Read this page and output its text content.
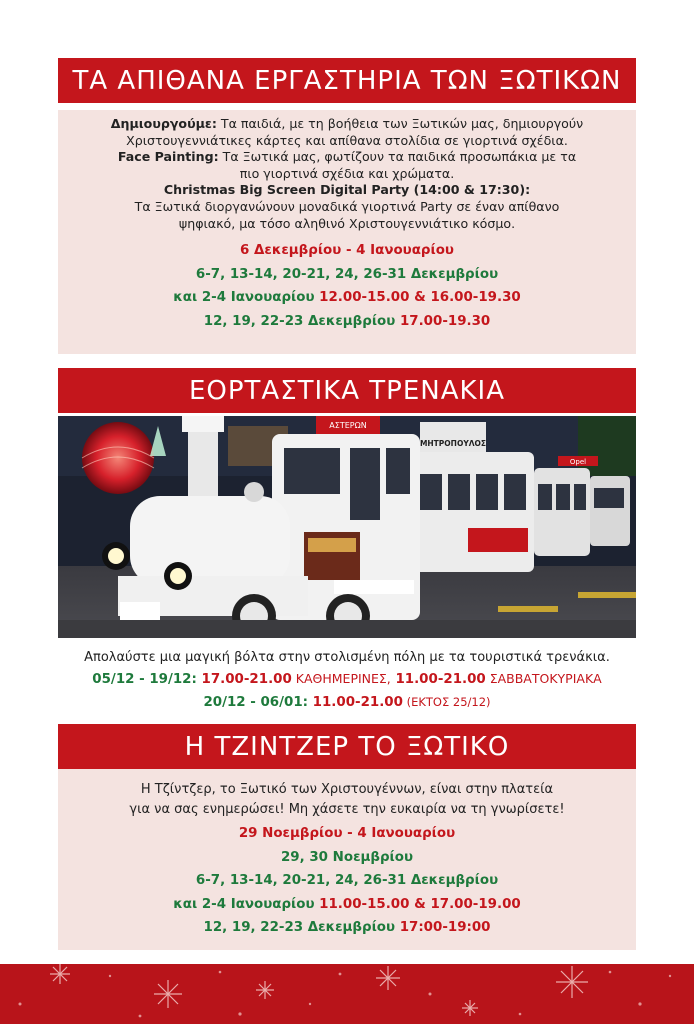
ΤΑ ΑΠΙΘΑΝΑ ΕΡΓΑΣΤΗΡΙΑ ΤΩΝ ΞΩΤΙΚΩΝ
Δημιουργούμε: Τα παιδιά, με τη βοήθεια των Ξωτικών μας, δημιουργούν
Χριστουγεννιάτικες κάρτες και απίθανα στολίδια σε γιορτινά σχέδια.
Face Painting: Τα Ξωτικά μας, φωτίζουν τα παιδικά προσωπάκια με τα
πιο γιορτινά σχέδια και χρώματα.
Christmas Big Screen Digital Party (14:00 & 17:30):
Τα Ξωτικά διοργανώνουν μοναδικά γιορτινά Party σε έναν απίθανο
ψηφιακό, μα τόσο αληθινό Χριστουγεννιάτικο κόσμο.
6 Δεκεμβρίου - 4 Ιανουαρίου
6-7, 13-14, 20-21, 24, 26-31 Δεκεμβρίου
και 2-4 Ιανουαρίου 12.00-15.00 & 16.00-19.30
12, 19, 22-23 Δεκεμβρίου 17.00-19.30
ΕΟΡΤΑΣΤΙΚΑ ΤΡΕΝΑΚΙΑ
ΑΣΤΕΡΩΝ
ΜΗΤΡΟΠΟΥΛΟΣ
Opel
Απολαύστε μια μαγική βόλτα στην στολισμένη πόλη με τα τουριστικά τρενάκια.
05/12 - 19/12: 17.00-21.00 ΚΑΘΗΜΕΡΙΝΕΣ, 11.00-21.00 ΣΑΒΒΑΤΟΚΥΡΙΑΚΑ
20/12 - 06/01: 11.00-21.00 (ΕΚΤΟΣ 25/12)
Η ΤΖΙΝΤΖΕΡ ΤΟ ΞΩΤΙΚΟ
Η Τζίντζερ, το Ξωτικό των Χριστουγέννων, είναι στην πλατεία
για να σας ενημερώσει! Μη χάσετε την ευκαιρία να τη γνωρίσετε!
29 Νοεμβρίου - 4 Ιανουαρίου
29, 30 Νοεμβρίου
6-7, 13-14, 20-21, 24, 26-31 Δεκεμβρίου
και 2-4 Ιανουαρίου 11.00-15.00 & 17.00-19.00
12, 19, 22-23 Δεκεμβρίου 17:00-19:00
